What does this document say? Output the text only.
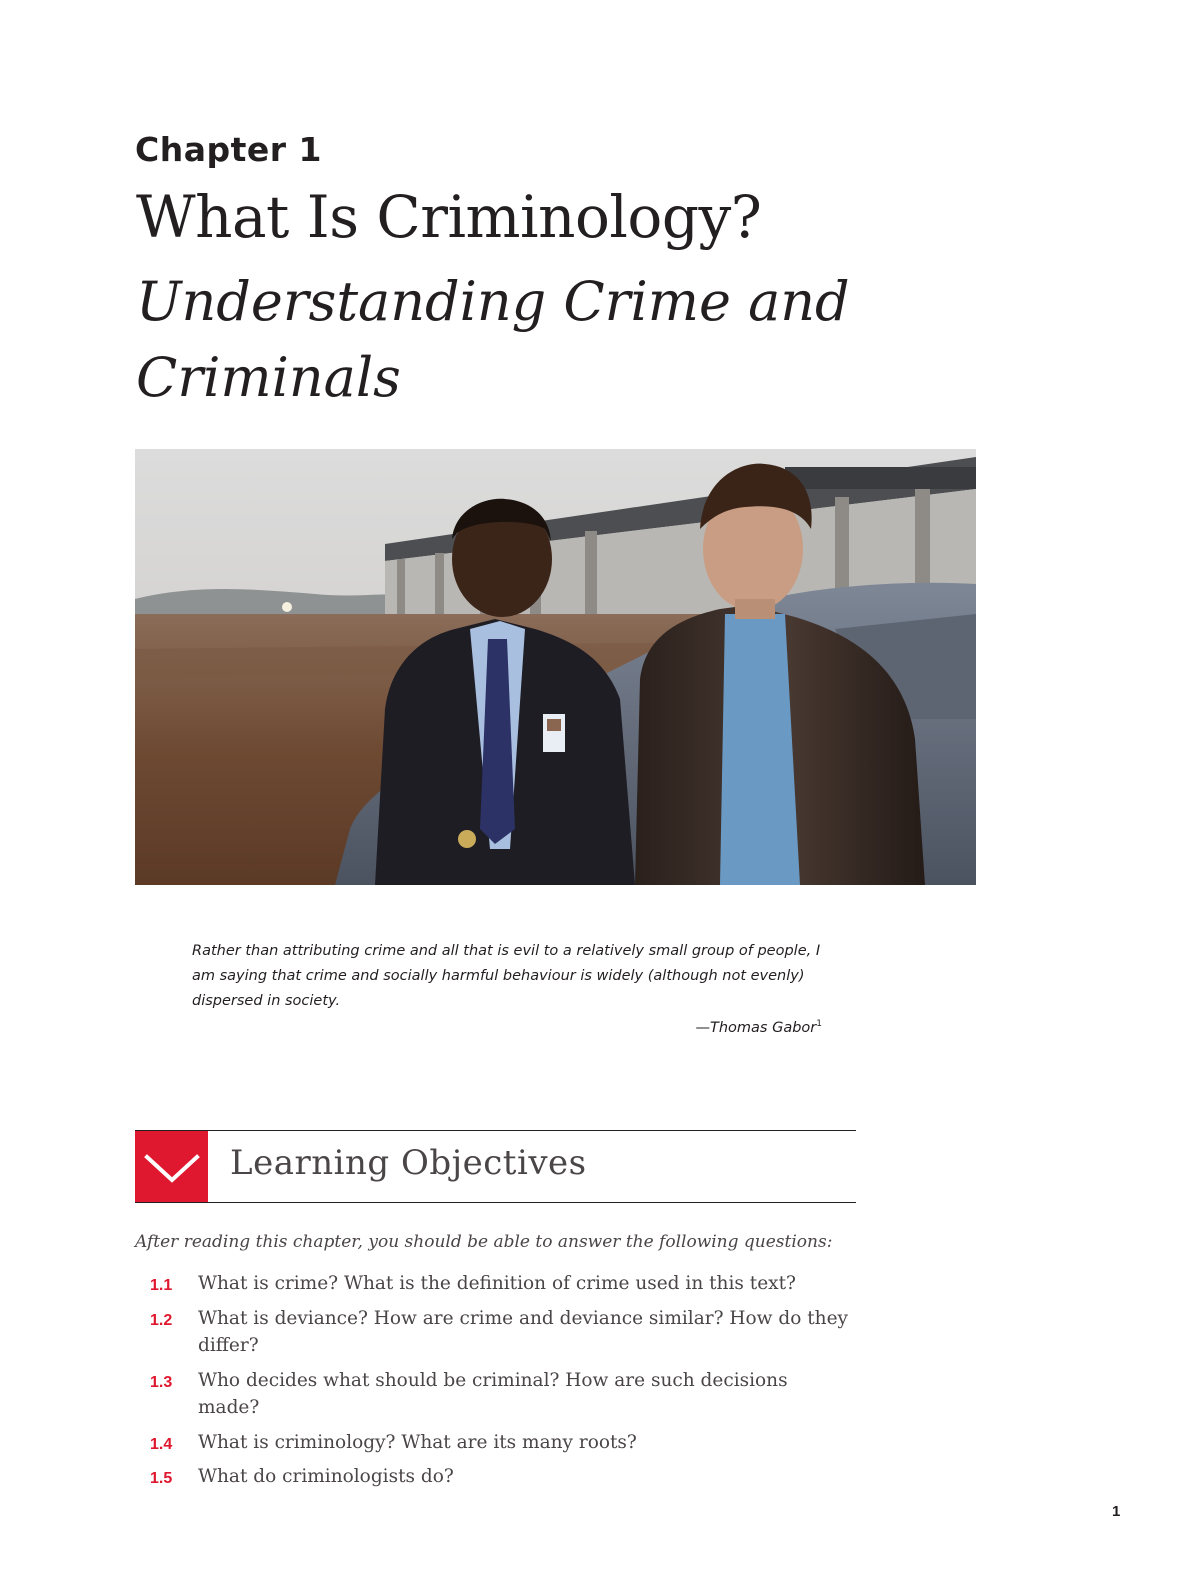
Chapter 1
What Is Criminology?
Understanding Crime and Criminals
Rather than attributing crime and all that is evil to a relatively small group of people, I am saying that crime and socially harmful behaviour is widely (although not evenly) dispersed in society.
—Thomas Gabor$^1$
Learning Objectives
After reading this chapter, you should be able to answer the following questions:
1.1	What is crime? What is the definition of crime used in this text?
1.2	What is deviance? How are crime and deviance similar? How do they differ?
1.3	Who decides what should be criminal? How are such decisions made?
1.4	What is criminology? What are its many roots?
1.5	What do criminologists do?
1
